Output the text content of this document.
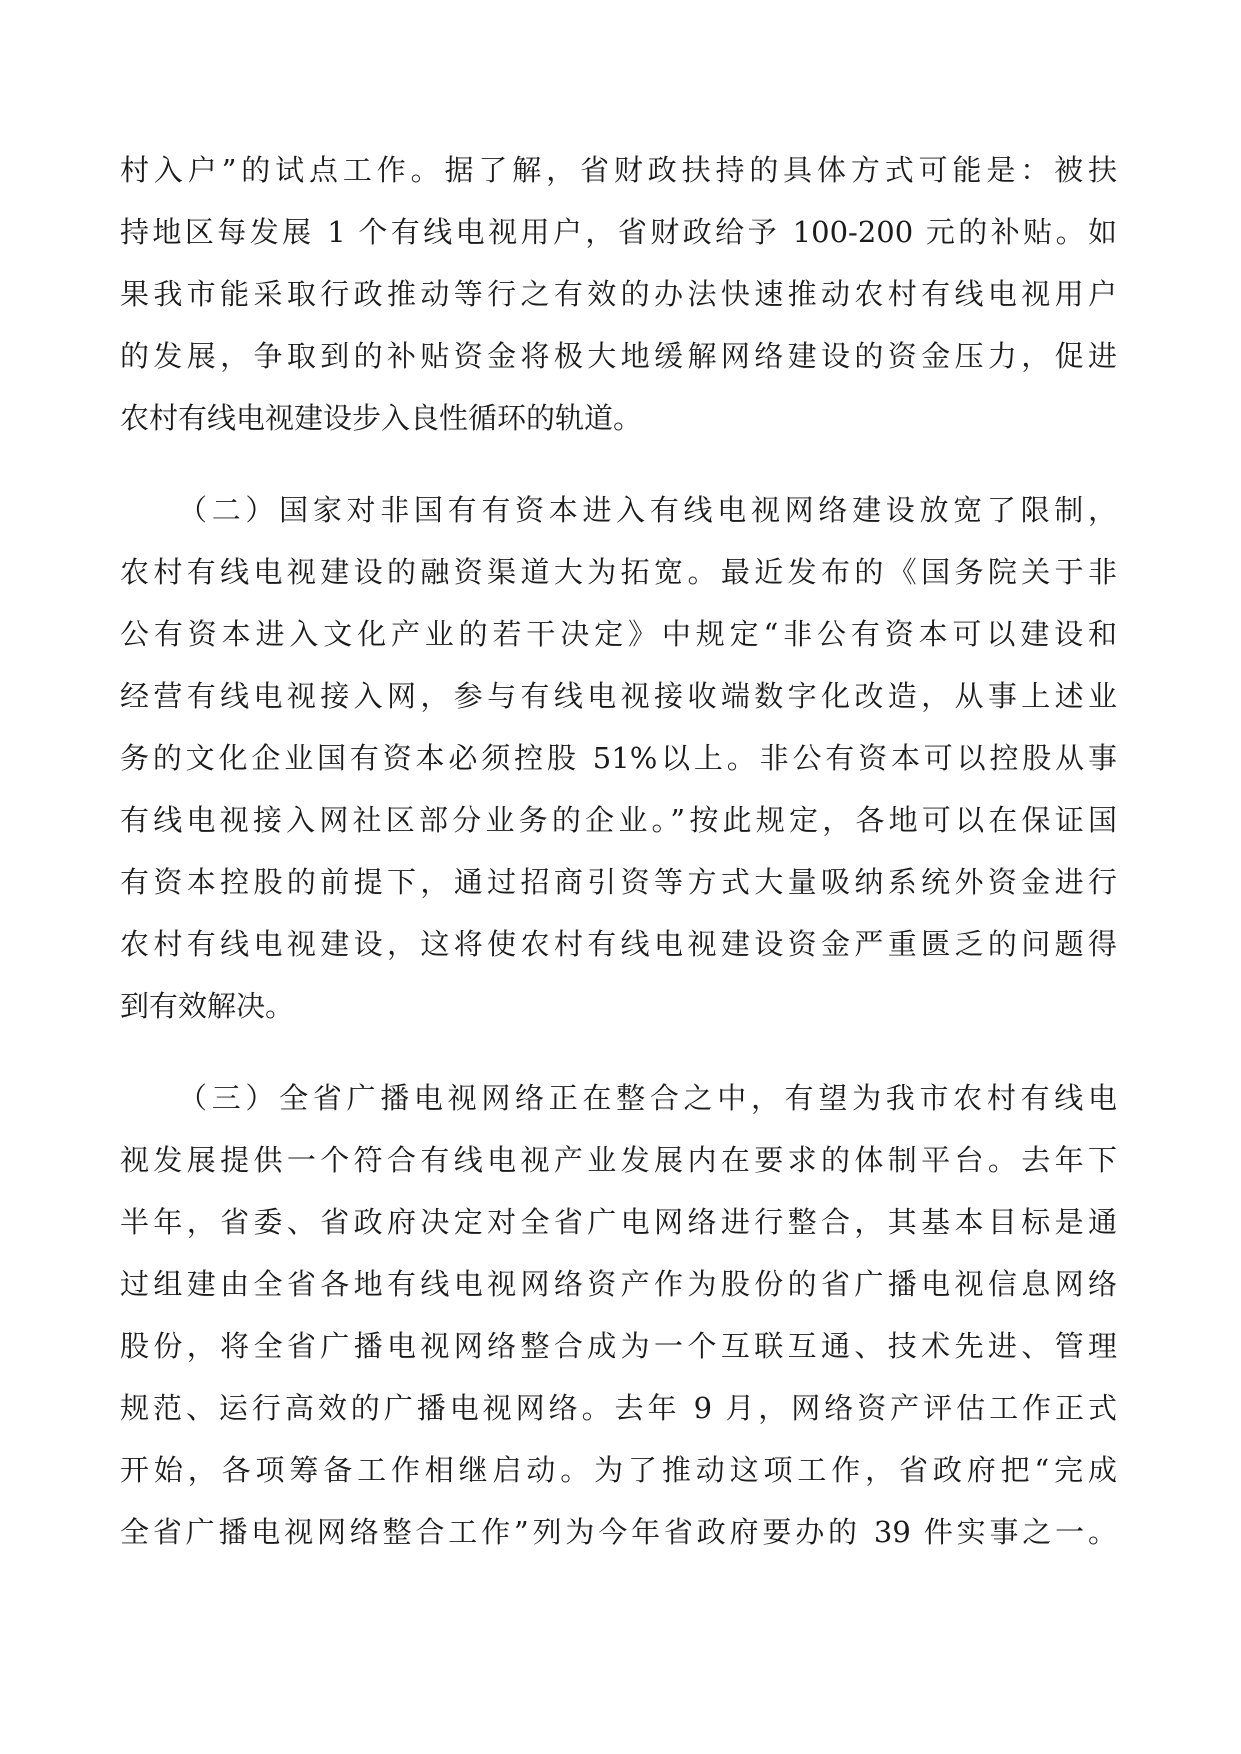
村入户”的试点工作。据了解，省财政扶持的具体方式可能是：被扶
持地区每发展 1 个有线电视用户，省财政给予 100-200 元的补贴。如
果我市能采取行政推动等行之有效的办法快速推动农村有线电视用户
的发展，争取到的补贴资金将极大地缓解网络建设的资金压力，促进
农村有线电视建设步入良性循环的轨道。
（二）国家对非国有有资本进入有线电视网络建设放宽了限制，
农村有线电视建设的融资渠道大为拓宽。最近发布的《国务院关于非
公有资本进入文化产业的若干决定》中规定“非公有资本可以建设和
经营有线电视接入网，参与有线电视接收端数字化改造，从事上述业
务的文化企业国有资本必须控股 51%以上。非公有资本可以控股从事
有线电视接入网社区部分业务的企业。”按此规定，各地可以在保证国
有资本控股的前提下，通过招商引资等方式大量吸纳系统外资金进行
农村有线电视建设，这将使农村有线电视建设资金严重匮乏的问题得
到有效解决。
（三）全省广播电视网络正在整合之中，有望为我市农村有线电
视发展提供一个符合有线电视产业发展内在要求的体制平台。去年下
半年，省委、省政府决定对全省广电网络进行整合，其基本目标是通
过组建由全省各地有线电视网络资产作为股份的省广播电视信息网络
股份，将全省广播电视网络整合成为一个互联互通、技术先进、管理
规范、运行高效的广播电视网络。去年 9 月，网络资产评估工作正式
开始，各项筹备工作相继启动。为了推动这项工作，省政府把“完成
全省广播电视网络整合工作”列为今年省政府要办的 39 件实事之一。
